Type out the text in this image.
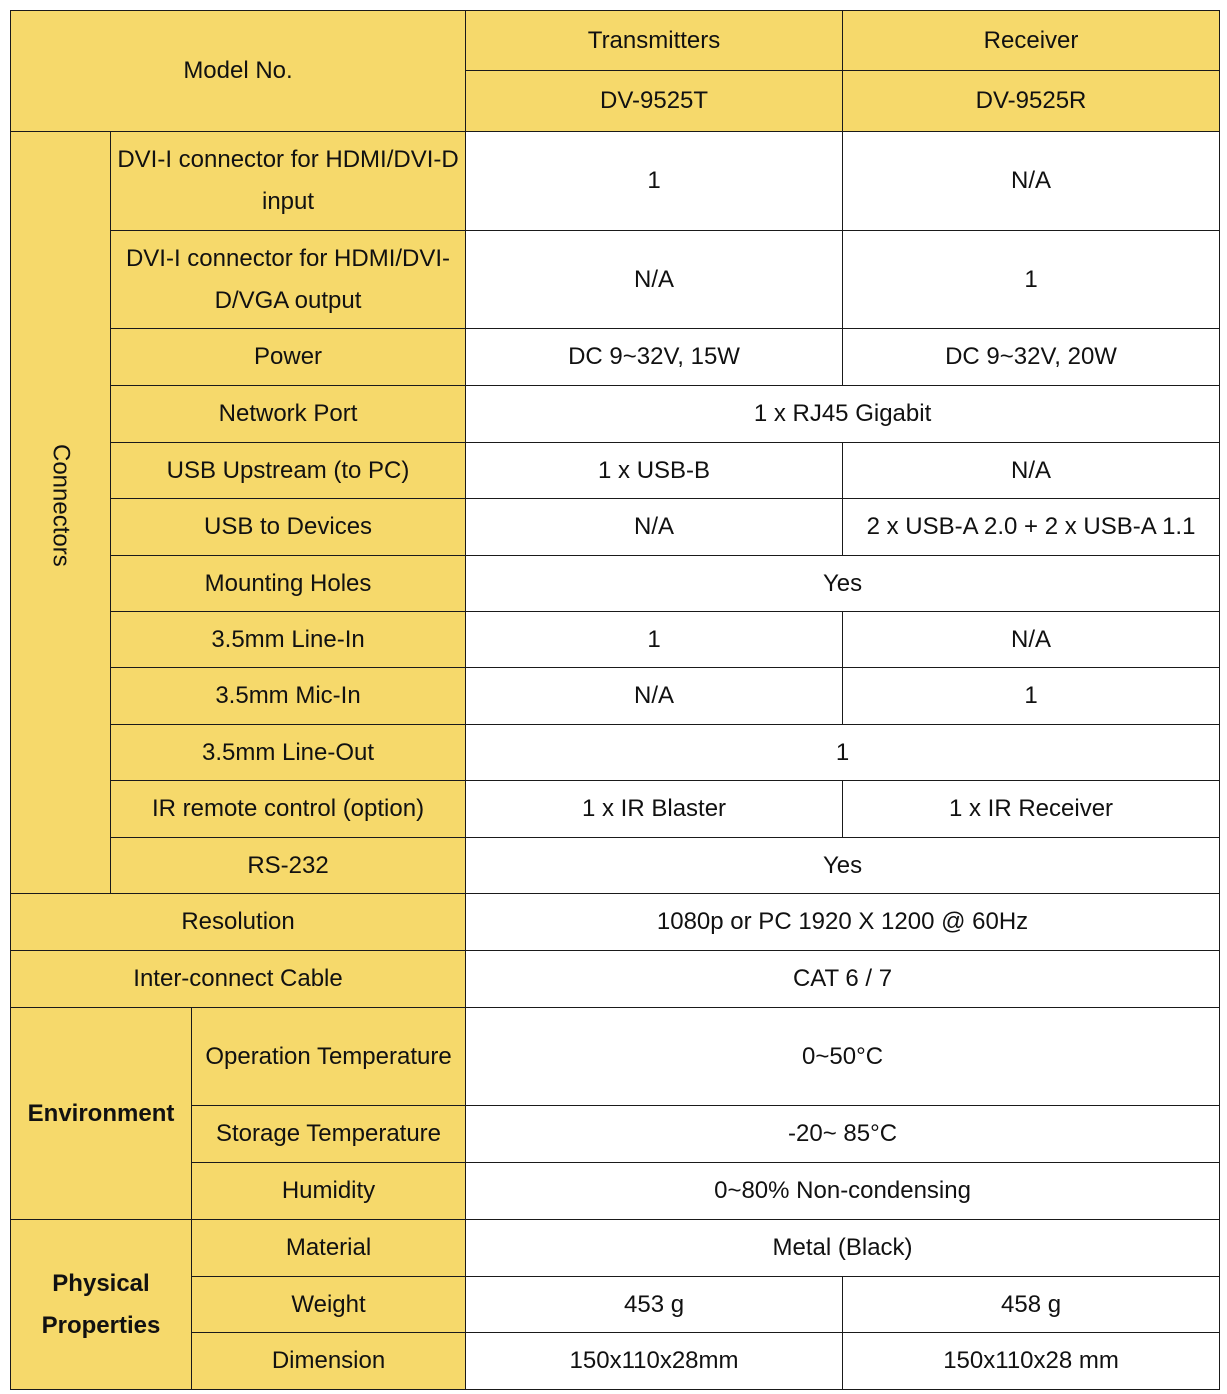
Model No.			Transmitters	Receiver
			DV-9525T	DV-9525R
Connectors	DVI-I connector for HDMI/DVI-D input		1	N/A
	DVI-I connector for HDMI/DVI-D/VGA output		N/A	1
	Power		DC 9~32V, 15W	DC 9~32V, 20W
	Network Port		1 x RJ45 Gigabit	
	USB Upstream (to PC)		1 x USB-B	N/A
	USB to Devices		N/A	2 x USB-A 2.0 + 2 x USB-A 1.1
	Mounting Holes		Yes	
	3.5mm Line-In		1	N/A
	3.5mm Mic-In		N/A	1
	3.5mm Line-Out		1	
	IR remote control (option)		1 x IR Blaster	1 x IR Receiver
	RS-232		Yes	
Resolution			1080p or PC 1920 X 1200 @ 60Hz	
Inter-connect Cable			CAT 6 / 7	
Environment		Operation Temperature	0~50°C	
		Storage Temperature	-20~ 85°C	
		Humidity	0~80% Non-condensing	
Physical Properties		Material	Metal (Black)	
		Weight	453 g	458 g
		Dimension	150x110x28mm	150x110x28 mm
